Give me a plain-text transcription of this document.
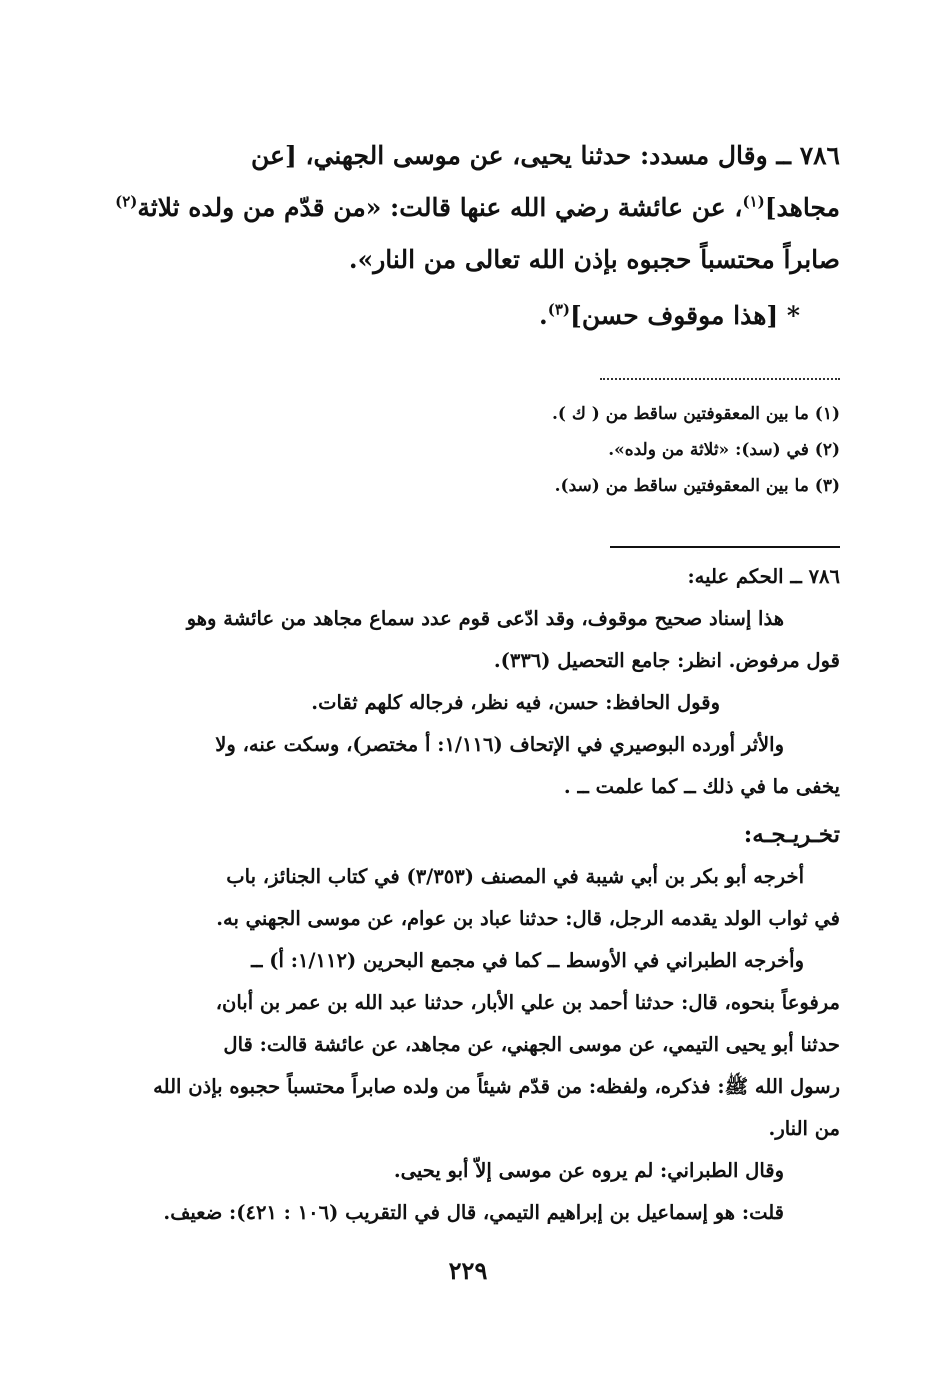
٧٨٦ ــ وقال مسدد: حدثنا يحيى، عن موسى الجهني، [عن
مجاهد]$^{(١)}$، عن عائشة رضي الله عنها قالت: «من قدّم من ولده ثلاثة$^{(٢)}$
صابراً محتسباً حجبوه بإذن الله تعالى من النار».
* [هذا موقوف حسن]$^{(٣)}$.
(١) ما بين المعقوفتين ساقط من ( ك ).
(٢) في (سد): «ثلاثة من ولده».
(٣) ما بين المعقوفتين ساقط من (سد).
٧٨٦ ــ الحكم عليه:
هذا إسناد صحيح موقوف، وقد ادّعى قوم عدد سماع مجاهد من عائشة وهو
قول مرفوض. انظر: جامع التحصيل (٣٣٦).
وقول الحافظ: حسن، فيه نظر، فرجاله كلهم ثقات.
والأثر أورده البوصيري في الإتحاف (١/١١٦: أ مختصر)، وسكت عنه، ولا
يخفى ما في ذلك ــ كما علمت ــ .
تخـريـجـه:
أخرجه أبو بكر بن أبي شيبة في المصنف (٣/٣٥٣) في كتاب الجنائز، باب
في ثواب الولد يقدمه الرجل، قال: حدثنا عباد بن عوام، عن موسى الجهني به.
وأخرجه الطبراني في الأوسط ــ كما في مجمع البحرين (١/١١٢: أ) ــ
مرفوعاً بنحوه، قال: حدثنا أحمد بن علي الأبار، حدثنا عبد الله بن عمر بن أبان،
حدثنا أبو يحيى التيمي، عن موسى الجهني، عن مجاهد، عن عائشة قالت: قال
رسول الله ﷺ: فذكره، ولفظه: من قدّم شيئاً من ولده صابراً محتسباً حجبوه بإذن الله
من النار.
وقال الطبراني: لم يروه عن موسى إلاّ أبو يحيى.
قلت: هو إسماعيل بن إبراهيم التيمي، قال في التقريب (١٠٦ : ٤٢١): ضعيف.
٢٢٩
